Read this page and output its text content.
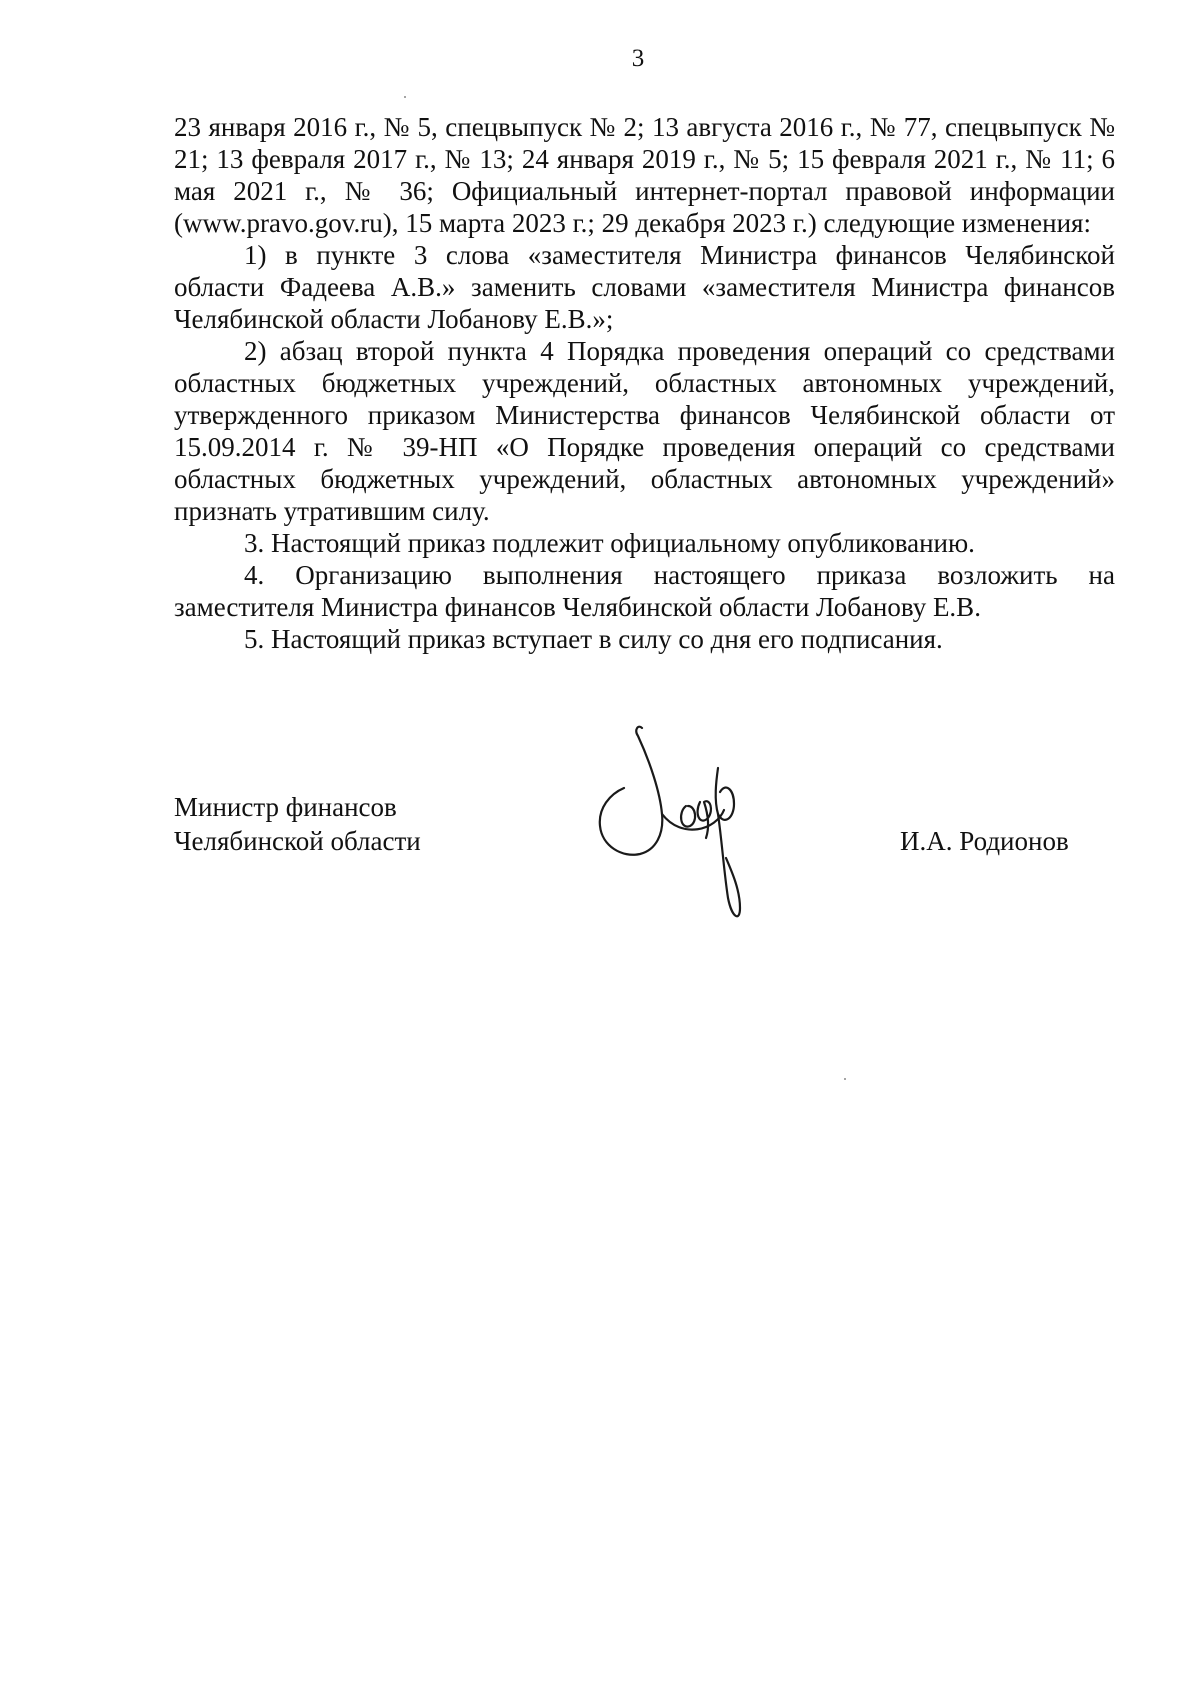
3

23 января 2016 г., № 5, спецвыпуск № 2; 13 августа 2016 г., № 77, спецвыпуск № 21; 13 февраля 2017 г., № 13; 24 января 2019 г., № 5; 15 февраля 2021 г., № 11; 6 мая 2021 г., № 36; Официальный интернет-портал правовой информации (www.pravo.gov.ru), 15 марта 2023 г.; 29 декабря 2023 г.) следующие изменения:

1) в пункте 3 слова «заместителя Министра финансов Челябинской области Фадеева А.В.» заменить словами «заместителя Министра финансов Челябинской области Лобанову Е.В.»;

2) абзац второй пункта 4 Порядка проведения операций со средствами областных бюджетных учреждений, областных автономных учреждений, утвержденного приказом Министерства финансов Челябинской области от 15.09.2014 г. № 39-НП «О Порядке проведения операций со средствами областных бюджетных учреждений, областных автономных учреждений» признать утратившим силу.

3. Настоящий приказ подлежит официальному опубликованию.

4. Организацию выполнения настоящего приказа возложить на заместителя Министра финансов Челябинской области Лобанову Е.В.

5. Настоящий приказ вступает в силу со дня его подписания.

Министр финансов
Челябинской области	И.А. Родионов
